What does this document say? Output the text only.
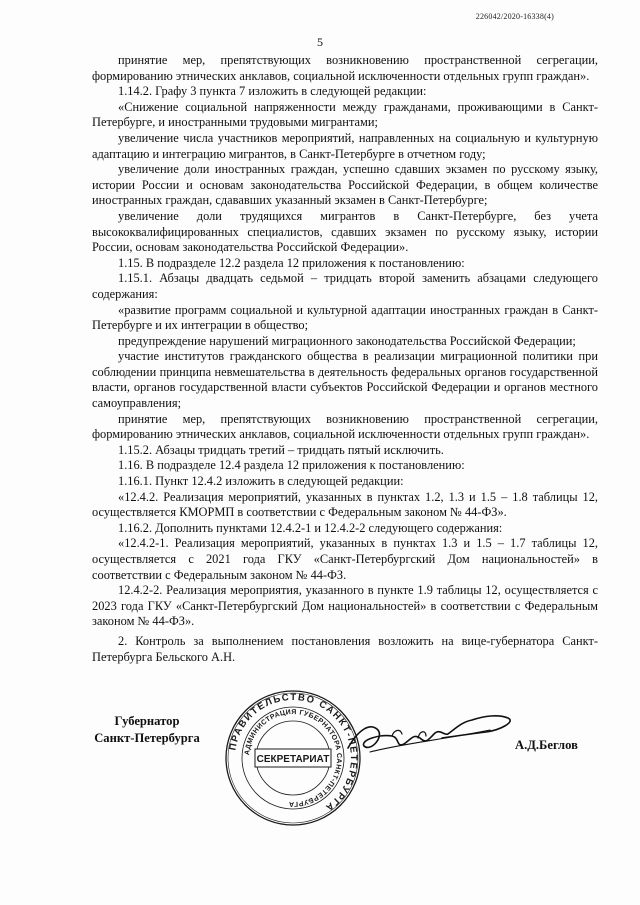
226042/2020-16338(4)
5

принятие мер, препятствующих возникновению пространственной сегрегации, формированию этнических анклавов, социальной исключенности отдельных групп граждан».

1.14.2. Графу 3 пункта 7 изложить в следующей редакции:

«Снижение социальной напряженности между гражданами, проживающими в Санкт-Петербурге, и иностранными трудовыми мигрантами;

увеличение числа участников мероприятий, направленных на социальную и культурную адаптацию и интеграцию мигрантов, в Санкт-Петербурге в отчетном году;

увеличение доли иностранных граждан, успешно сдавших экзамен по русскому языку, истории России и основам законодательства Российской Федерации, в общем количестве иностранных граждан, сдававших указанный экзамен в Санкт-Петербурге;

увеличение доли трудящихся мигрантов в Санкт-Петербурге, без учета высококвалифицированных специалистов, сдавших экзамен по русскому языку, истории России, основам законодательства Российской Федерации».

1.15. В подразделе 12.2 раздела 12 приложения к постановлению:

1.15.1. Абзацы двадцать седьмой – тридцать второй заменить абзацами следующего содержания:

«развитие программ социальной и культурной адаптации иностранных граждан в Санкт-Петербурге и их интеграции в общество;

предупреждение нарушений миграционного законодательства Российской Федерации;

участие институтов гражданского общества в реализации миграционной политики при соблюдении принципа невмешательства в деятельность федеральных органов государственной власти, органов государственной власти субъектов Российской Федерации и органов местного самоуправления;

принятие мер, препятствующих возникновению пространственной сегрегации, формированию этнических анклавов, социальной исключенности отдельных групп граждан».

1.15.2. Абзацы тридцать третий – тридцать пятый исключить.

1.16. В подразделе 12.4 раздела 12 приложения к постановлению:

1.16.1. Пункт 12.4.2 изложить в следующей редакции:

«12.4.2. Реализация мероприятий, указанных в пунктах 1.2, 1.3 и 1.5 – 1.8 таблицы 12, осуществляется КМОРМП в соответствии с Федеральным законом № 44-ФЗ».

1.16.2. Дополнить пунктами 12.4.2-1 и 12.4.2-2 следующего содержания:

«12.4.2-1. Реализация мероприятий, указанных в пунктах 1.3 и 1.5 – 1.7 таблицы 12, осуществляется с 2021 года ГКУ «Санкт-Петербургский Дом национальностей» в соответствии с Федеральным законом № 44-ФЗ.

12.4.2-2. Реализация мероприятия, указанного в пункте 1.9 таблицы 12, осуществляется с 2023 года ГКУ «Санкт-Петербургский Дом национальностей» в соответствии с Федеральным законом № 44-ФЗ».

2. Контроль за выполнением постановления возложить на вице-губернатора Санкт-Петербурга Бельского А.Н.

Губернатор
Санкт-Петербурга
ПРАВИТЕЛЬСТВО САНКТ-ПЕТЕРБУРГА
АДМИНИСТРАЦИЯ ГУБЕРНАТОРА САНКТ-ПЕТЕРБУРГА
СЕКРЕТАРИАТ
А.Д.Беглов
